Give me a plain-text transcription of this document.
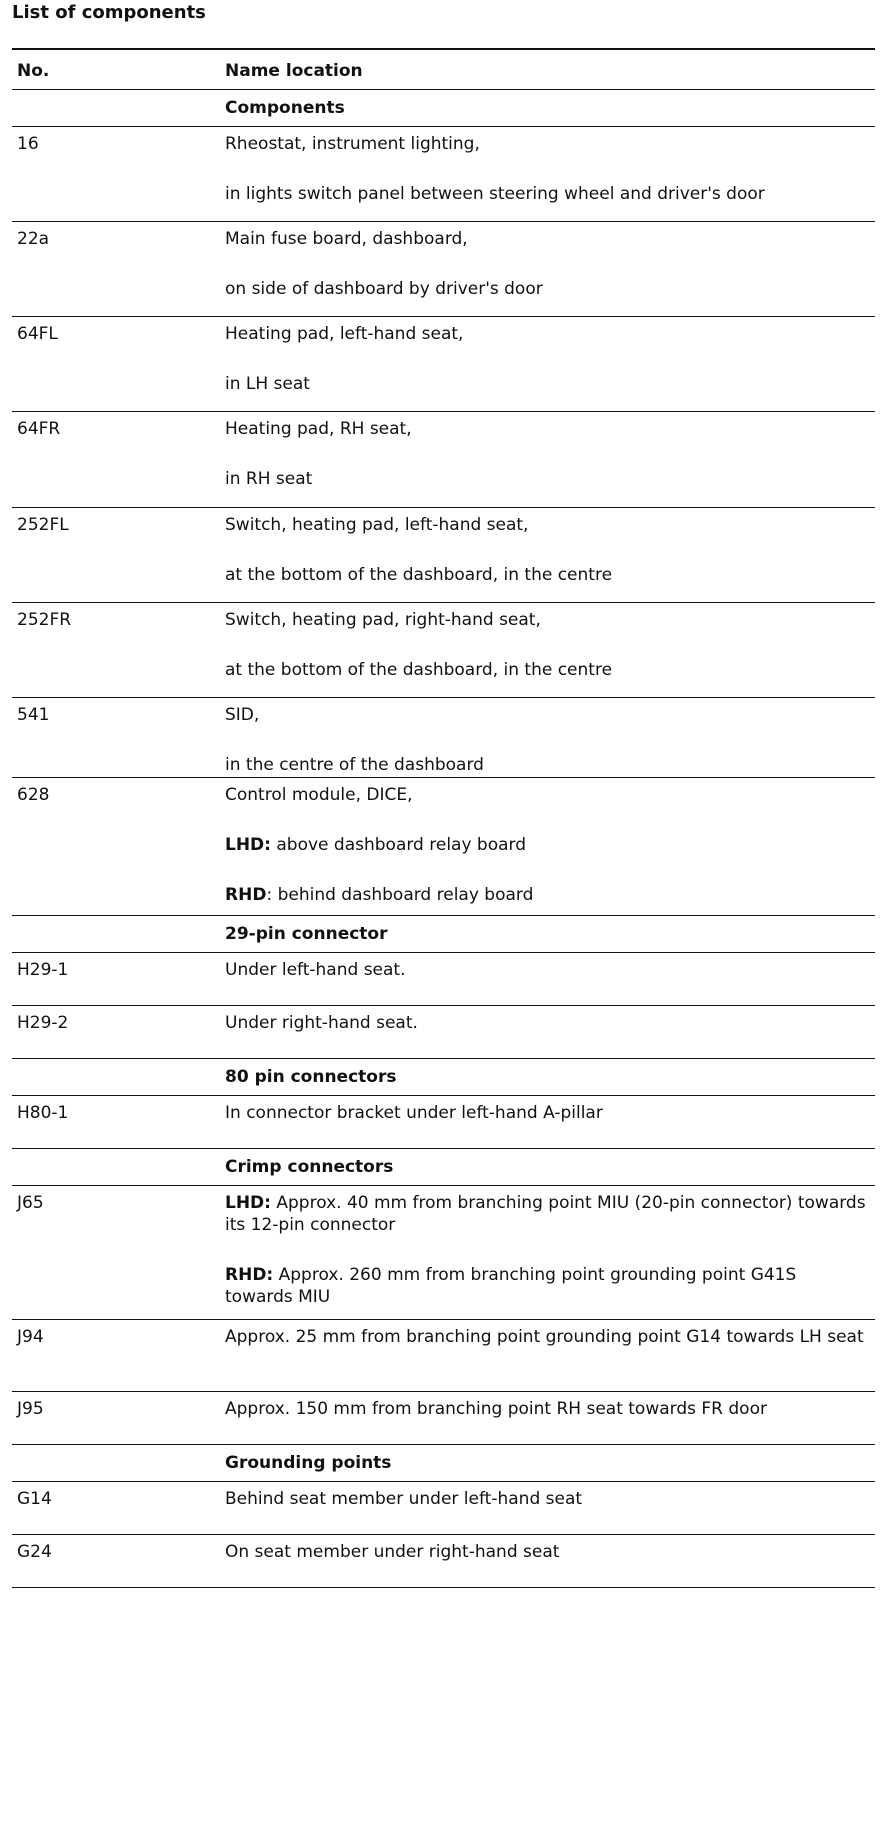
List of components
No.	Name location
	Components
16	Rheostat, instrument lighting,
in lights switch panel between steering wheel and driver's door

22a	Main fuse board, dashboard,
on side of dashboard by driver's door

64FL	Heating pad, left-hand seat,
in LH seat

64FR	Heating pad, RH seat,
in RH seat

252FL	Switch, heating pad, left-hand seat,
at the bottom of the dashboard, in the centre

252FR	Switch, heating pad, right-hand seat,
at the bottom of the dashboard, in the centre

541	SID,
in the centre of the dashboard

628	Control module, DICE,
LHD: above dashboard relay board
RHD: behind dashboard relay board

	29-pin connector
H29-1	Under left-hand seat.

H29-2	Under right-hand seat.

	80 pin connectors
H80-1	In connector bracket under left-hand A-pillar

	Crimp connectors
J65	LHD: Approx. 40 mm from branching point MIU (20-pin connector) towards its 12-pin connector
RHD: Approx. 260 mm from branching point grounding point G41S towards MIU

J94	Approx. 25 mm from branching point grounding point G14 towards LH seat

J95	Approx. 150 mm from branching point RH seat towards FR door

	Grounding points
G14	Behind seat member under left-hand seat

G24	On seat member under right-hand seat
